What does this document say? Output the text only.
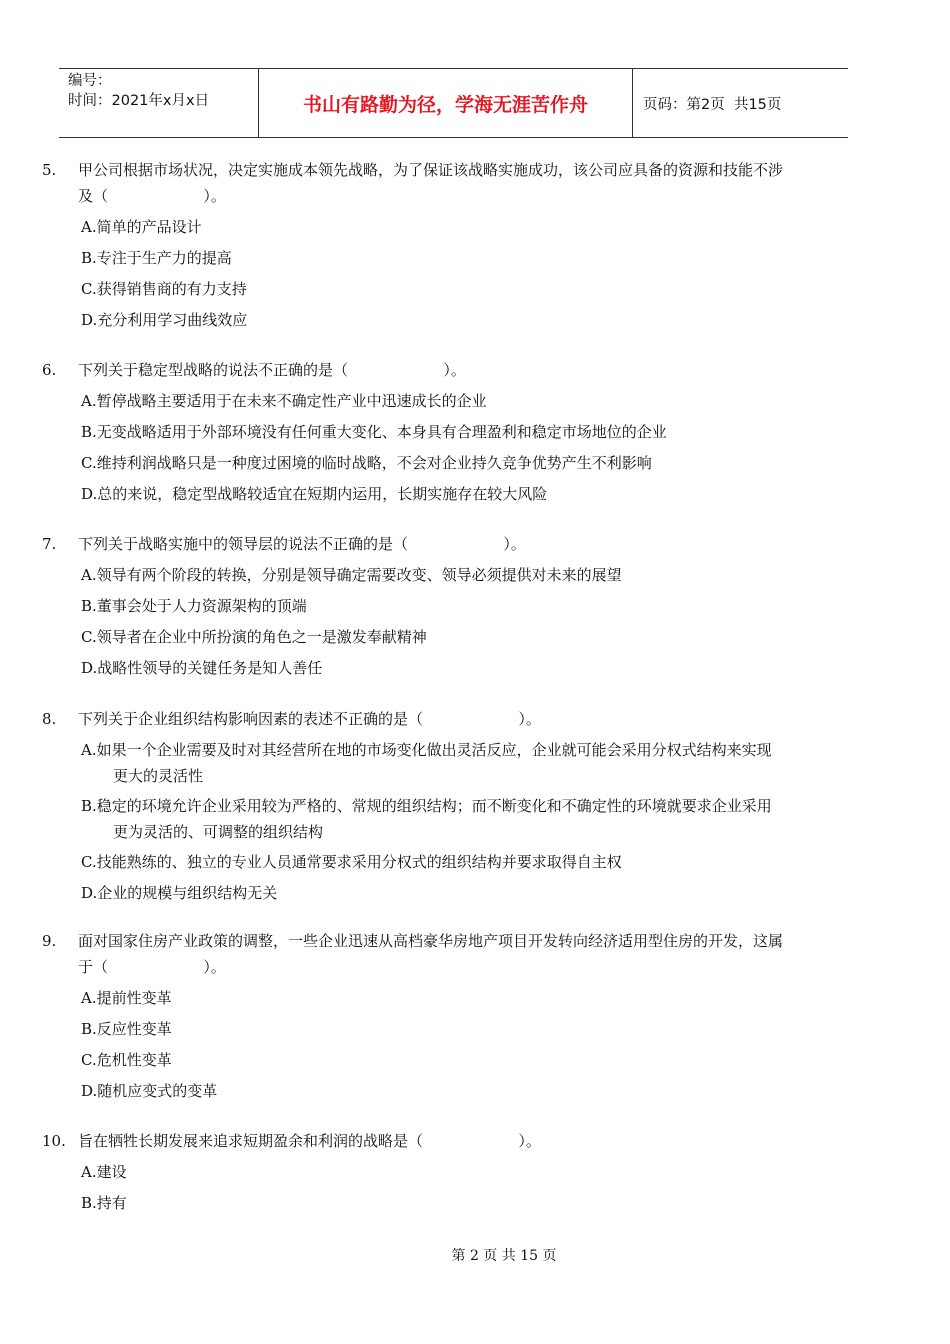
编号：
时间：2021年x月x日	书山有路勤为径，学海无涯苦作舟	页码：第2页  共15页
5. 甲公司根据市场状况，决定实施成本领先战略，为了保证该战略实施成功，该公司应具备的资源和技能不涉
及（                    ）。
A.简单的产品设计
B.专注于生产力的提高
C.获得销售商的有力支持
D.充分利用学习曲线效应
6. 下列关于稳定型战略的说法不正确的是（                    ）。
A.暂停战略主要适用于在未来不确定性产业中迅速成长的企业
B.无变战略适用于外部环境没有任何重大变化、本身具有合理盈利和稳定市场地位的企业
C.维持利润战略只是一种度过困境的临时战略，不会对企业持久竞争优势产生不利影响
D.总的来说，稳定型战略较适宜在短期内运用，长期实施存在较大风险
7. 下列关于战略实施中的领导层的说法不正确的是（                    ）。
A.领导有两个阶段的转换，分别是领导确定需要改变、领导必须提供对未来的展望
B.董事会处于人力资源架构的顶端
C.领导者在企业中所扮演的角色之一是激发奉献精神
D.战略性领导的关键任务是知人善任
8. 下列关于企业组织结构影响因素的表述不正确的是（                    ）。
A.如果一个企业需要及时对其经营所在地的市场变化做出灵活反应，企业就可能会采用分权式结构来实现
更大的灵活性
B.稳定的环境允许企业采用较为严格的、常规的组织结构；而不断变化和不确定性的环境就要求企业采用
更为灵活的、可调整的组织结构
C.技能熟练的、独立的专业人员通常要求采用分权式的组织结构并要求取得自主权
D.企业的规模与组织结构无关
9. 面对国家住房产业政策的调整，一些企业迅速从高档豪华房地产项目开发转向经济适用型住房的开发，这属
于（                    ）。
A.提前性变革
B.反应性变革
C.危机性变革
D.随机应变式的变革
10. 旨在牺牲长期发展来追求短期盈余和利润的战略是（                    ）。
A.建设
B.持有
第 2 页 共 15 页
